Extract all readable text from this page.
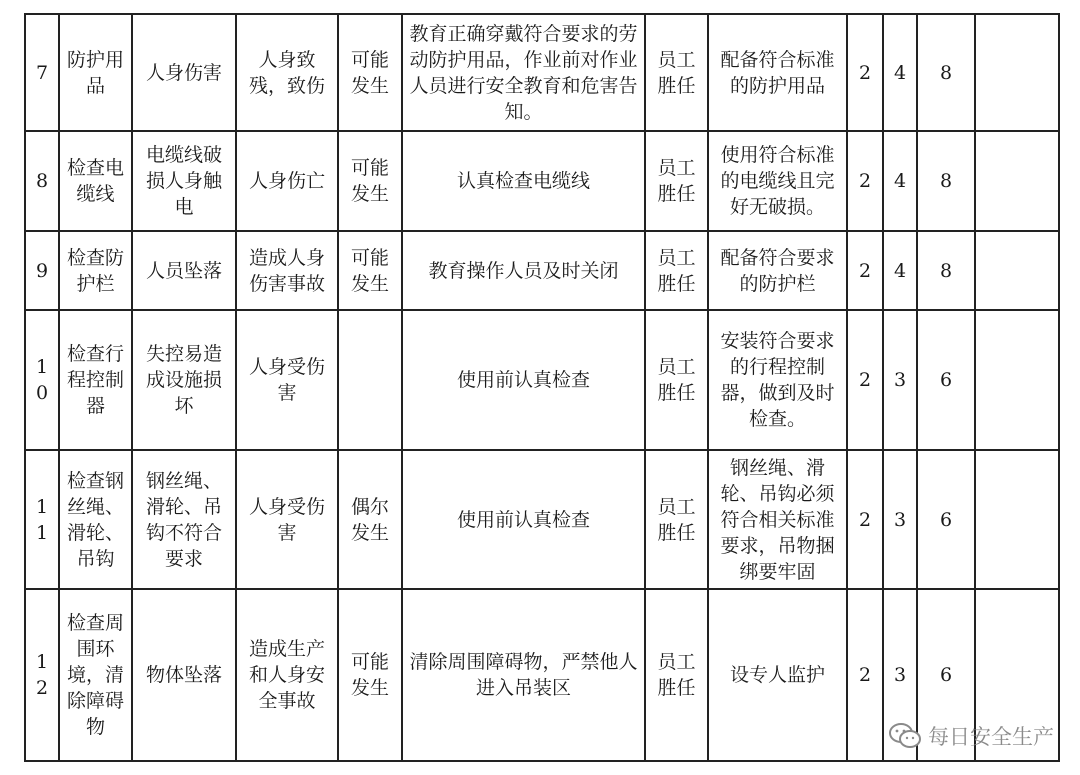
7	防护用品	人身伤害	人身致残，致伤	可能发生	教育正确穿戴符合要求的劳动防护用品，作业前对作业人员进行安全教育和危害告知。	员工胜任	配备符合标准的防护用品	2	4	8	
8	检查电缆线	电缆线破损人身触电	人身伤亡	可能发生	认真检查电缆线	员工胜任	使用符合标准的电缆线且完好无破损。	2	4	8	
9	检查防护栏	人员坠落	造成人身伤害事故	可能发生	教育操作人员及时关闭	员工胜任	配备符合要求的防护栏	2	4	8	
10	检查行程控制器	失控易造成设施损坏	人身受伤害		使用前认真检查	员工胜任	安装符合要求的行程控制器，做到及时检查。	2	3	6	
11	检查钢丝绳、滑轮、吊钩	钢丝绳、滑轮、吊钩不符合要求	人身受伤害	偶尔发生	使用前认真检查	员工胜任	钢丝绳、滑轮、吊钩必须符合相关标准要求，吊物捆绑要牢固	2	3	6	
12	检查周围环境，清除障碍物	物体坠落	造成生产和人身安全事故	可能发生	清除周围障碍物，严禁他人进入吊装区	员工胜任	设专人监护	2	3	6	
每日安全生产
